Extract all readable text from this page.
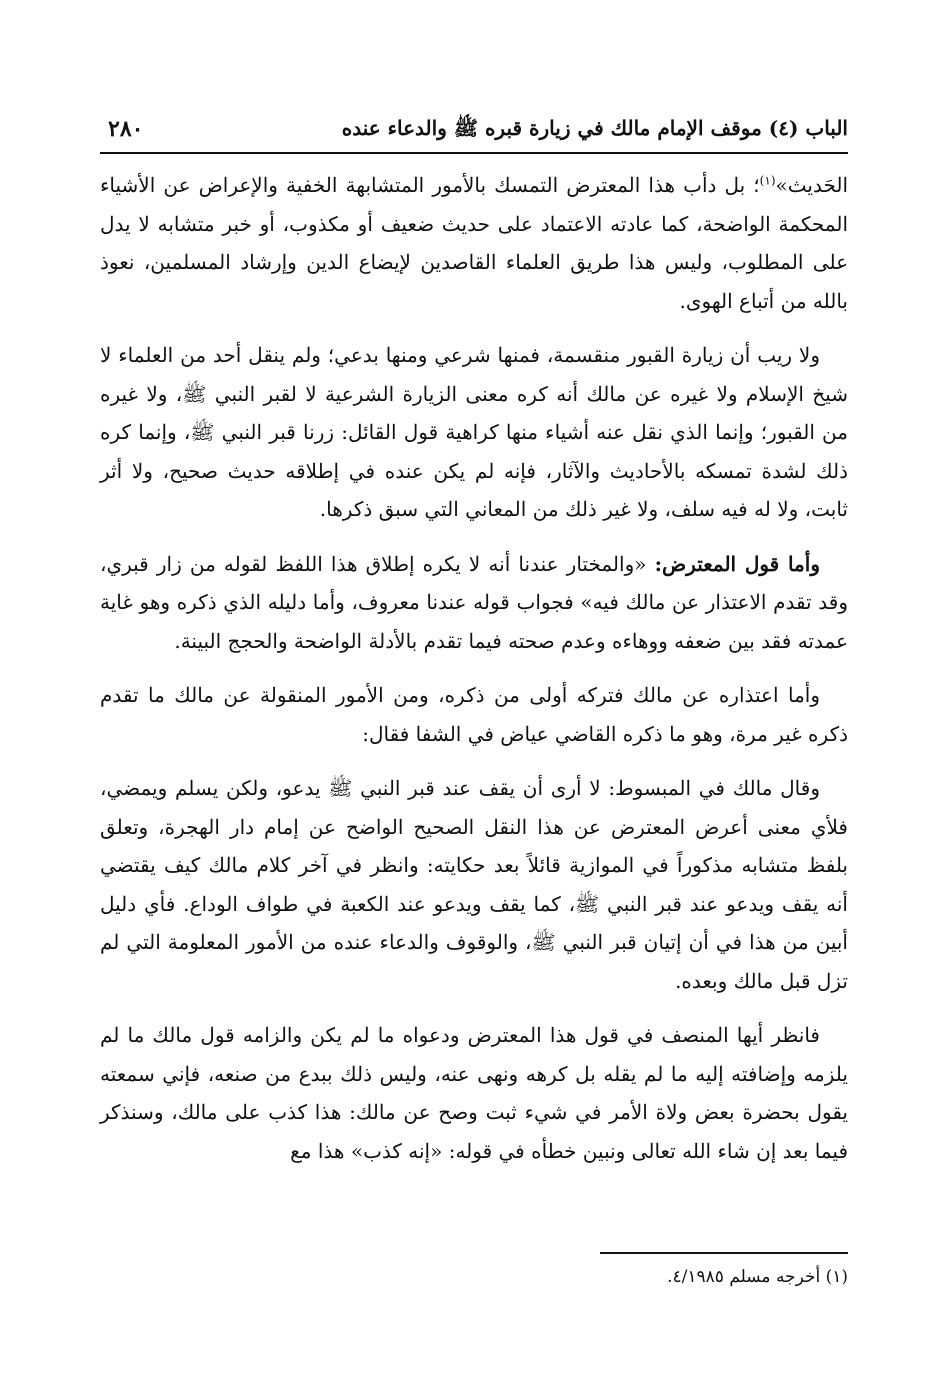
الباب (٤) موقف الإمام مالك في زيارة قبره ﷺ والدعاء عنده
٢٨٠

الحَديث»$^{(١)}$؛ بل دأب هذا المعترض التمسك بالأمور المتشابهة الخفية والإعراض عن الأشياء المحكمة الواضحة، كما عادته الاعتماد على حديث ضعيف أو مكذوب، أو خبر متشابه لا يدل على المطلوب، وليس هذا طريق العلماء القاصدين لإيضاع الدين وإرشاد المسلمين، نعوذ بالله من أتباع الهوى.

ولا ريب أن زيارة القبور منقسمة، فمنها شرعي ومنها بدعي؛ ولم ينقل أحد من العلماء لا شيخ الإسلام ولا غيره عن مالك أنه كره معنى الزيارة الشرعية لا لقبر النبي ﷺ، ولا غيره من القبور؛ وإنما الذي نقل عنه أشياء منها كراهية قول القائل: زرنا قبر النبي ﷺ، وإنما كره ذلك لشدة تمسكه بالأحاديث والآثار، فإنه لم يكن عنده في إطلاقه حديث صحيح، ولا أثر ثابت، ولا له فيه سلف، ولا غير ذلك من المعاني التي سبق ذكرها.

وأما قول المعترض: «والمختار عندنا أنه لا يكره إطلاق هذا اللفظ لقوله من زار قبري، وقد تقدم الاعتذار عن مالك فيه» فجواب قوله عندنا معروف، وأما دليله الذي ذكره وهو غاية عمدته فقد بين ضعفه ووهاءه وعدم صحته فيما تقدم بالأدلة الواضحة والحجج البينة.

وأما اعتذاره عن مالك فتركه أولى من ذكره، ومن الأمور المنقولة عن مالك ما تقدم ذكره غير مرة، وهو ما ذكره القاضي عياض في الشفا فقال:

وقال مالك في المبسوط: لا أرى أن يقف عند قبر النبي ﷺ يدعو، ولكن يسلم ويمضي، فلأي معنى أعرض المعترض عن هذا النقل الصحيح الواضح عن إمام دار الهجرة، وتعلق بلفظ متشابه مذكوراً في الموازية قائلاً بعد حكايته: وانظر في آخر كلام مالك كيف يقتضي أنه يقف ويدعو عند قبر النبي ﷺ، كما يقف ويدعو عند الكعبة في طواف الوداع. فأي دليل أبين من هذا في أن إتيان قبر النبي ﷺ، والوقوف والدعاء عنده من الأمور المعلومة التي لم تزل قبل مالك وبعده.

فانظر أيها المنصف في قول هذا المعترض ودعواه ما لم يكن والزامه قول مالك ما لم يلزمه وإضافته إليه ما لم يقله بل كرهه ونهى عنه، وليس ذلك ببدع من صنعه، فإني سمعته يقول بحضرة بعض ولاة الأمر في شيء ثبت وصح عن مالك: هذا كذب على مالك، وسنذكر فيما بعد إن شاء الله تعالى ونبين خطأه في قوله: «إنه كذب» هذا مع

(١) أخرجه مسلم ٤/١٩٨٥.
